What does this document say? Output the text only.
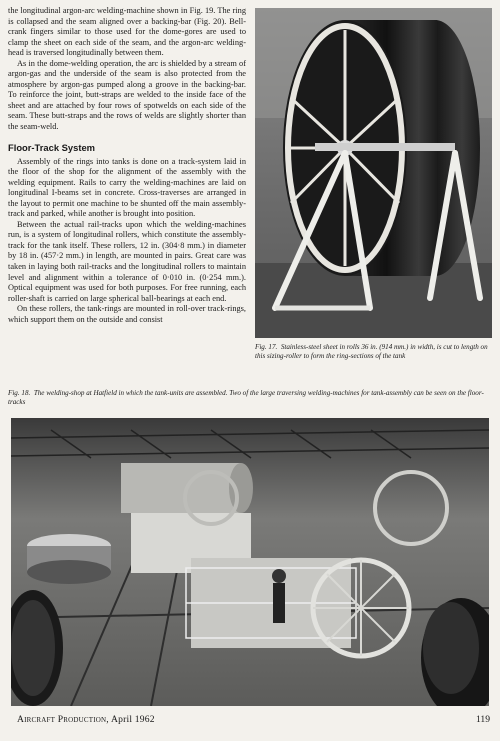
the longitudinal argon-arc welding-machine shown in Fig. 19. The ring is collapsed and the seam aligned over a backing-bar (Fig. 20). Bell-crank fingers similar to those used for the dome-gores are used to clamp the sheet on each side of the seam, and the argon-arc welding-head is traversed longitudinally between them.

As in the dome-welding operation, the arc is shielded by a stream of argon-gas and the underside of the seam is also protected from the atmosphere by argon-gas pumped along a groove in the backing-bar. To reinforce the joint, butt-straps are welded to the inside face of the sheet and are attached by four rows of spotwelds on each side of the seam. These butt-straps and the rows of welds are slightly shorter than the seam-weld.

Floor-Track System

Assembly of the rings into tanks is done on a track-system laid in the floor of the shop for the alignment of the assembly with the welding equipment. Rails to carry the welding-machines are laid on longitudinal I-beams set in concrete. Cross-traverses are arranged in the layout to permit one machine to be shunted off the main assembly-track and parked, while another is brought into position.

Between the actual rail-tracks upon which the welding-machines run, is a system of longitudinal rollers, which constitute the assembly-track for the tank itself. These rollers, 12 in. (304·8 mm.) in diameter by 18 in. (457·2 mm.) in length, are mounted in pairs. Great care was taken in laying both rail-tracks and the longitudinal rollers to maintain level and alignment within a tolerance of 0·010 in. (0·254 mm.). Optical equipment was used for both purposes. For free running, each roller-shaft is carried on large spherical ball-bearings at each end.

On these rollers, the tank-rings are mounted in roll-over track-rings, which support them on the outside and consist

Fig. 17. Stainless-steel sheet in rolls 36 in. (914 mm.) in width, is cut to length on this sizing-roller to form the ring-sections of the tank

Fig. 18. The welding-shop at Hatfield in which the tank-units are assembled. Two of the large traversing welding-machines for tank-assembly can be seen on the floor-tracks

Aircraft Production, April 1962	119
